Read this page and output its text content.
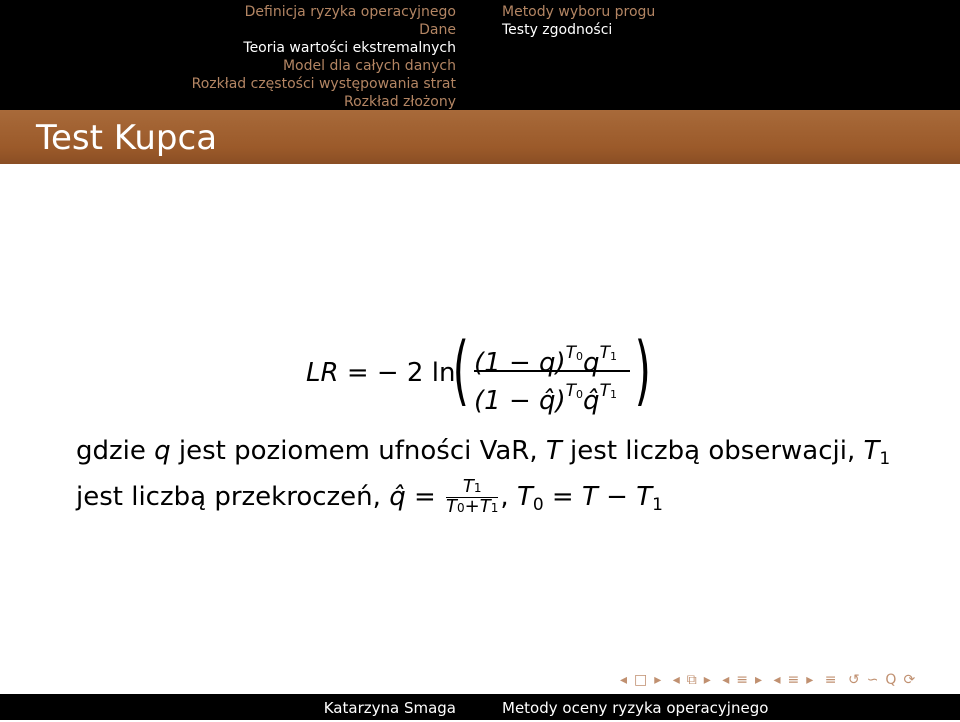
Definicja ryzyka operacyjnego
Dane
Teoria wartości ekstremalnych
Model dla całych danych
Rozkład częstości występowania strat
Rozkład złożony
Metody wyboru progu
Testy zgodności
Test Kupca
LR = − 2 ln
( $(1 - q)^{T_0}q^{T_1}$
(1 − q̂)$^{T_0}$q̂$^{T_1}$ )
gdzie q jest poziomem ufności VaR, T jest liczbą obserwacji, $T_1$
jest liczbą przekroczeń, q̂ = $\frac{T1}{T0+T1}$ , $T_0 = T - T_1$
◂ □ ▸ ◂ ⧉ ▸ ◂ ≡ ▸ ◂ ≡ ▸ ≡ ↺ ∽ Q ⟳
Katarzyna Smaga	Metody oceny ryzyka operacyjnego
